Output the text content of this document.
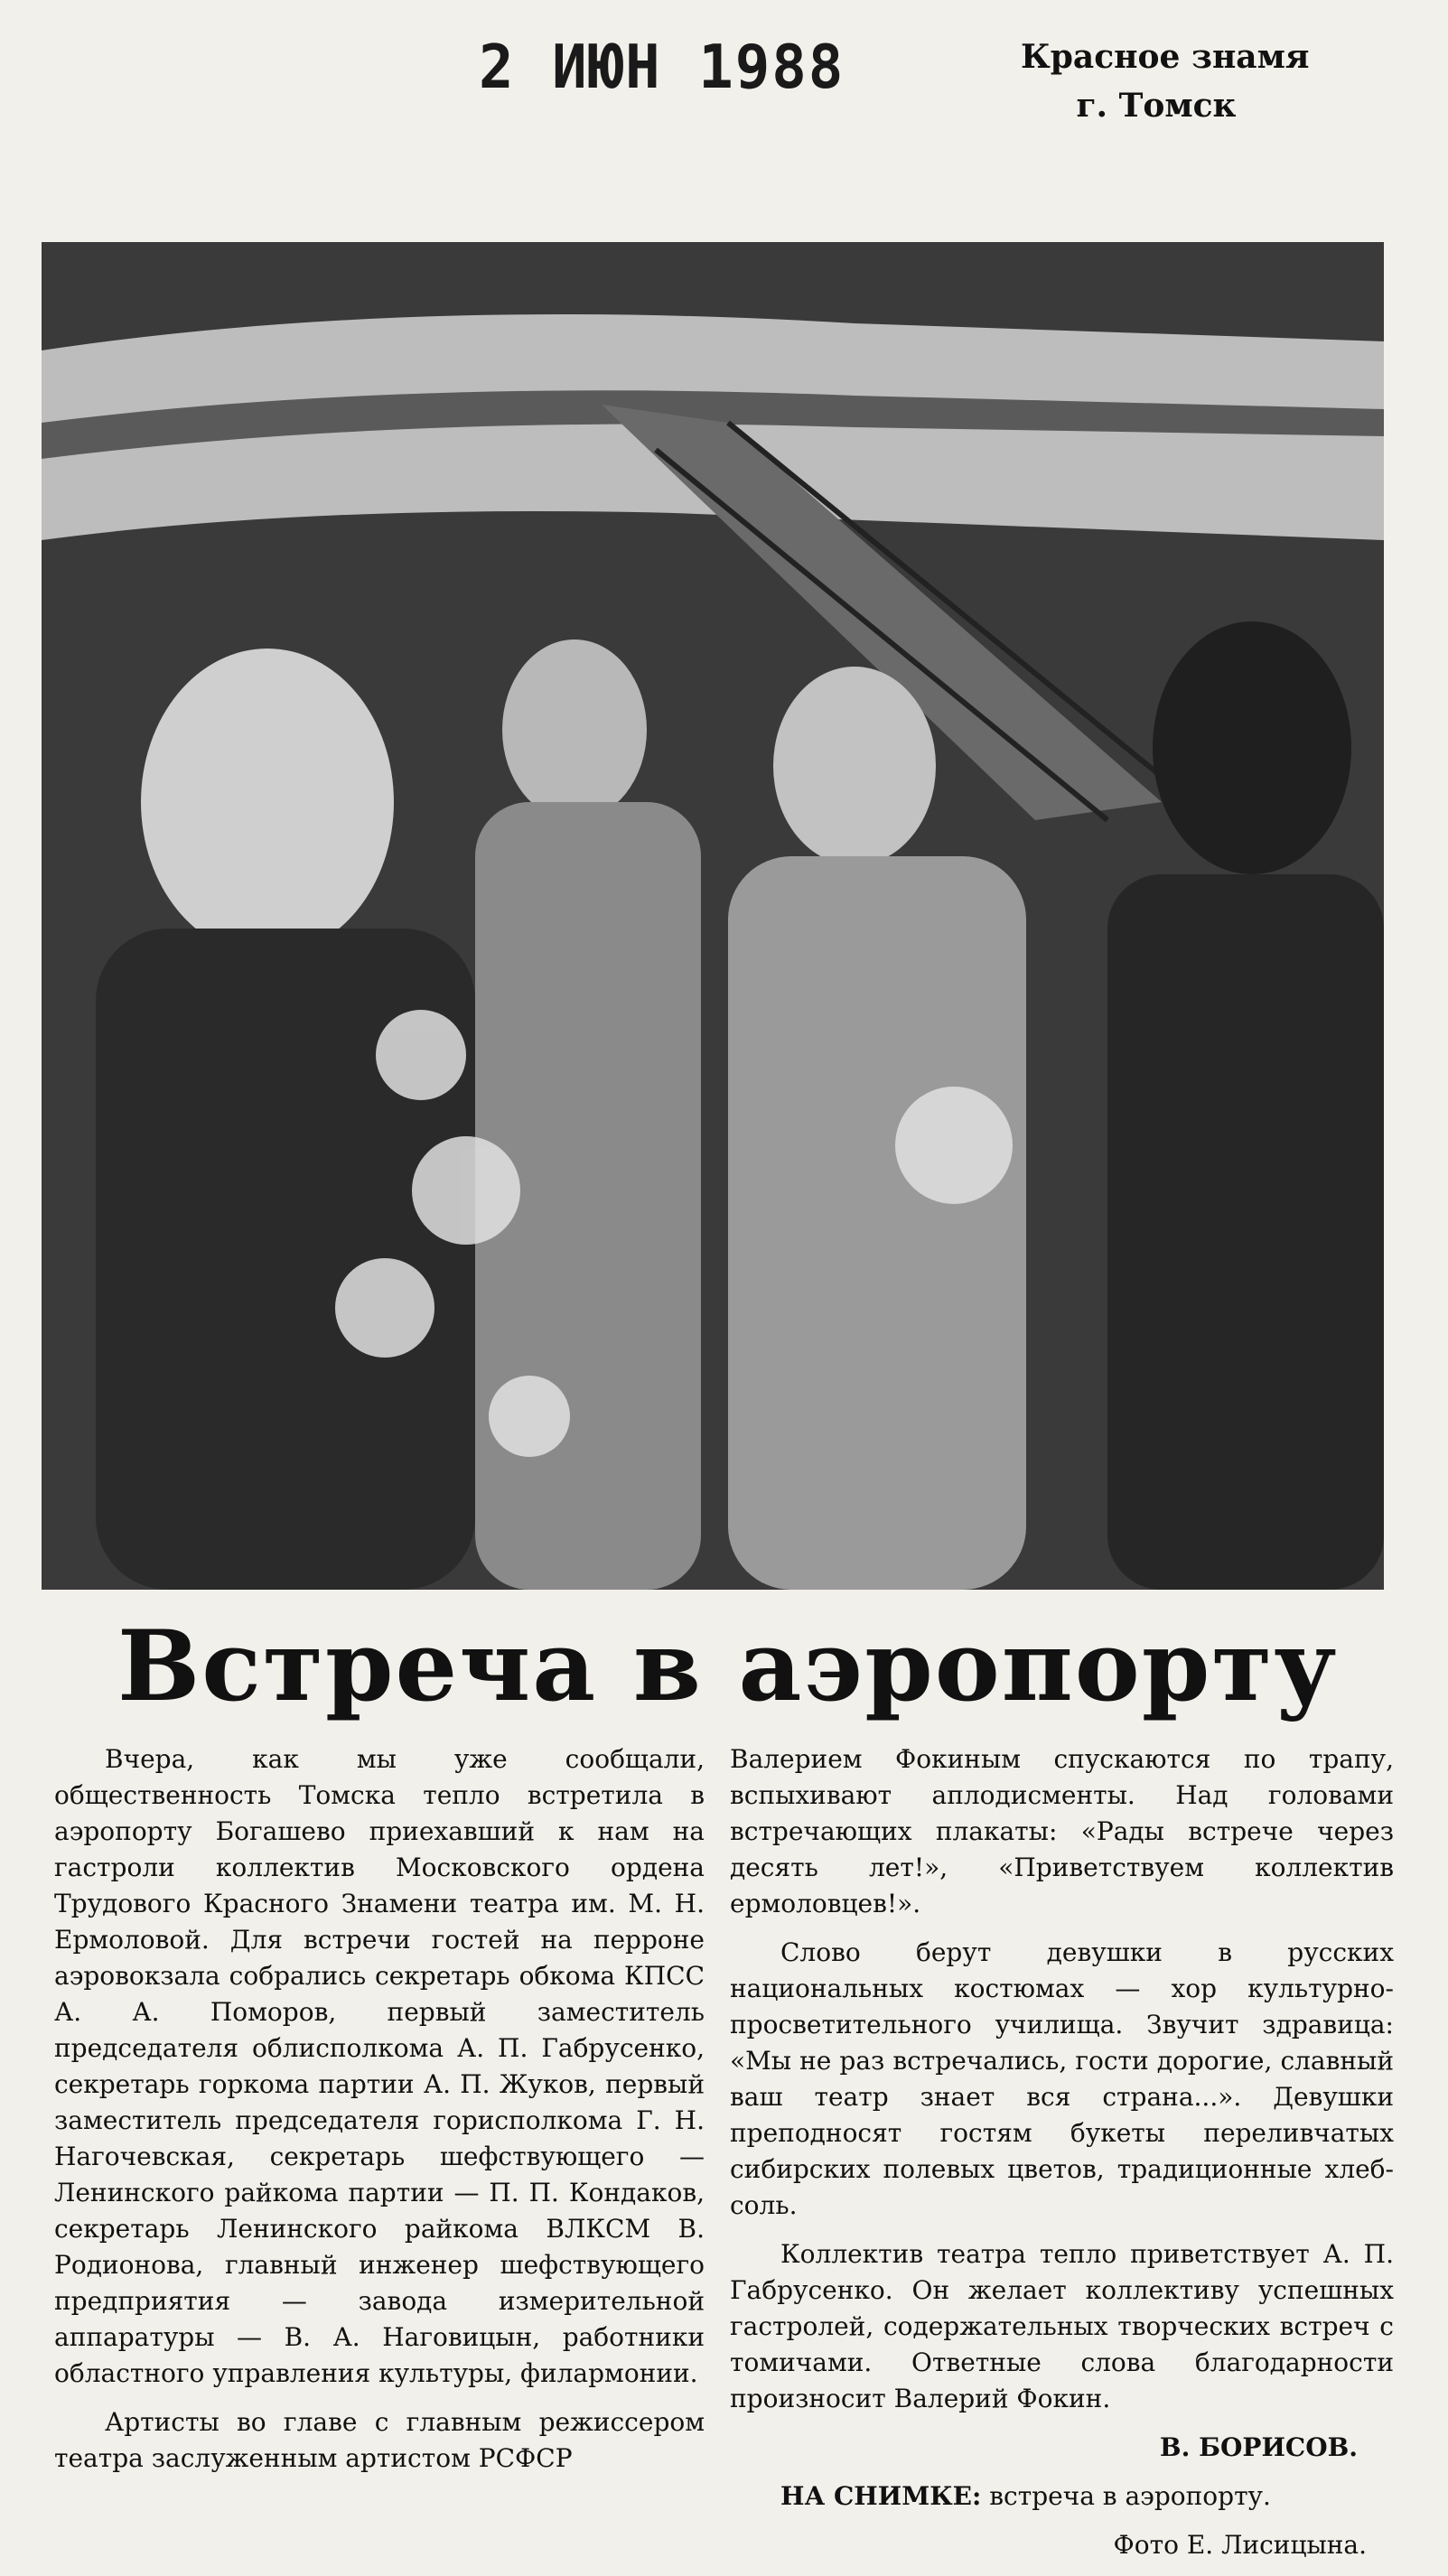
2 ИЮН 1988	Красное знамя
г. Томск
Встреча в аэропорту

Вчера, как мы уже сообщали, общественность Томска тепло встретила в аэропорту Богашево приехавший к нам на гастроли коллектив Московского ордена Трудового Красного Знамени театра им. М. Н. Ермоловой. Для встречи гостей на перроне аэровокзала собрались секретарь обкома КПСС А. А. Поморов, первый заместитель председателя облисполкома А. П. Габрусенко, секретарь горкома партии А. П. Жуков, первый заместитель председателя горисполкома Г. Н. Нагочевская, секретарь шефствующего — Ленинского райкома партии — П. П. Кондаков, секретарь Ленинского райкома ВЛКСМ В. Родионова, главный инженер шефствующего предприятия — завода измерительной аппаратуры — В. А. Наговицын, работники областного управления культуры, филармонии.

Артисты во главе с главным режиссером театра заслуженным артистом РСФСР

Валерием Фокиным спускаются по трапу, вспыхивают аплодисменты. Над головами встречающих плакаты: «Рады встрече через десять лет!», «Приветствуем коллектив ермоловцев!».

Слово берут девушки в русских национальных костюмах — хор культурно-просветительного училища. Звучит здравица: «Мы не раз встречались, гости дорогие, славный ваш театр знает вся страна...». Девушки преподносят гостям букеты переливчатых сибирских полевых цветов, традиционные хлеб-соль.

Коллектив театра тепло приветствует А. П. Габрусенко. Он желает коллективу успешных гастролей, содержательных творческих встреч с томичами. Ответные слова благодарности произносит Валерий Фокин.

В. БОРИСОВ.

НА СНИМКЕ: встреча в аэропорту.

Фото Е. Лисицына.
